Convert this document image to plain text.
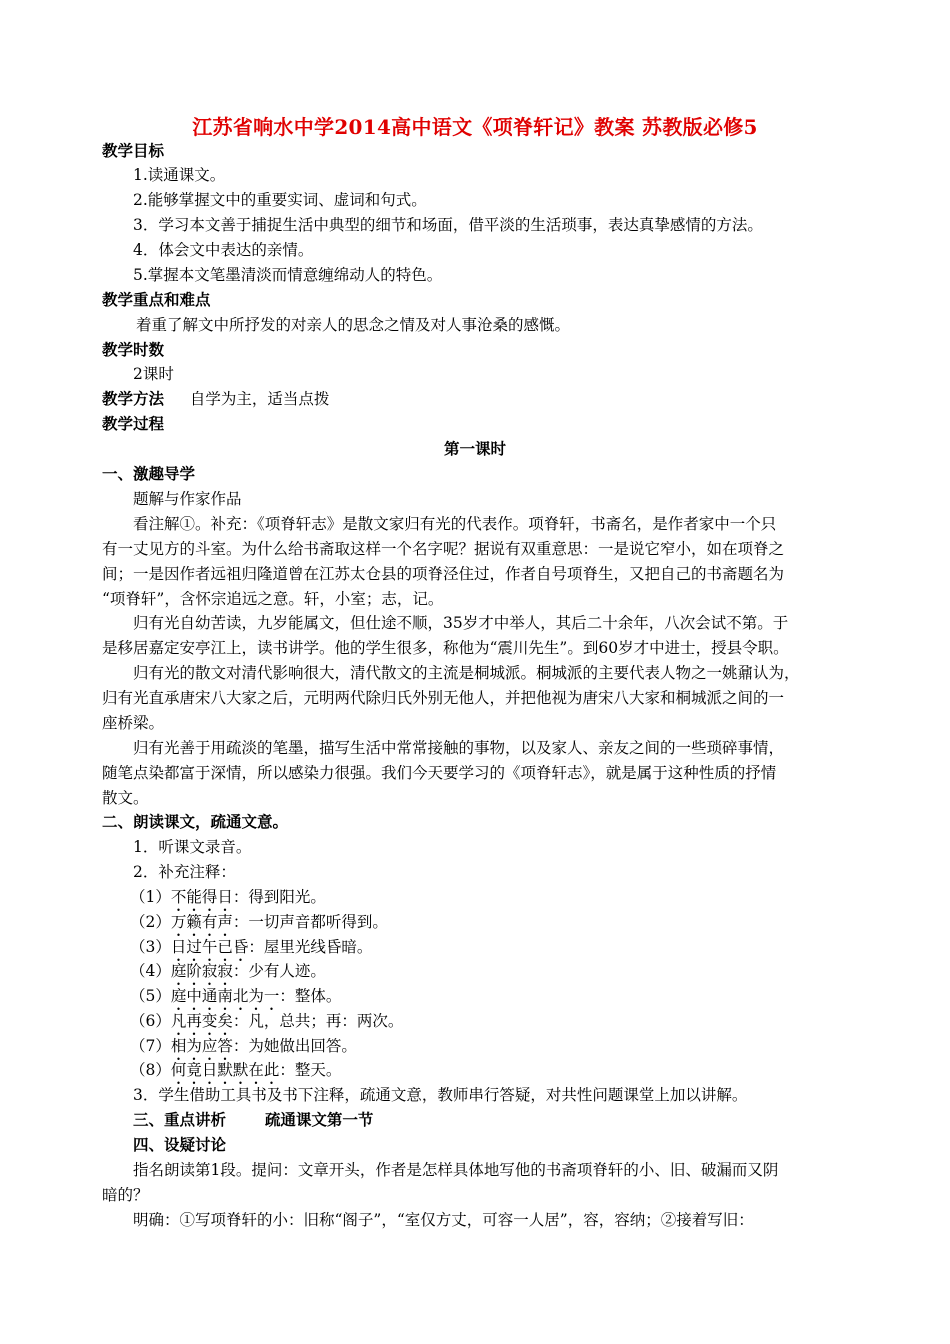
江苏省响水中学2014高中语文《项脊轩记》教案 苏教版必修5
教学目标
1.读通课文。
2.能够掌握文中的重要实词、虚词和句式。
3．学习本文善于捕捉生活中典型的细节和场面，借平淡的生活琐事，表达真挚感情的方法。
4．体会文中表达的亲情。
5.掌握本文笔墨清淡而情意缠绵动人的特色。
教学重点和难点
着重了解文中所抒发的对亲人的思念之情及对人事沧桑的感慨。
教学时数
2课时
教学方法 自学为主，适当点拨
教学过程
第一课时
一、激趣导学
题解与作家作品
看注解①。补充：《项脊轩志》是散文家归有光的代表作。项脊轩，书斋名，是作者家中一个只
有一丈见方的斗室。为什么给书斋取这样一个名字呢？据说有双重意思：一是说它窄小，如在项脊之
间；一是因作者远祖归隆道曾在江苏太仓县的项脊泾住过，作者自号项脊生，又把自己的书斋题名为
“项脊轩”，含怀宗追远之意。轩，小室；志，记。
归有光自幼苦读，九岁能属文，但仕途不顺，35岁才中举人，其后二十余年，八次会试不第。于
是移居嘉定安亭江上，读书讲学。他的学生很多，称他为“震川先生”。到60岁才中进士，授县令职。
归有光的散文对清代影响很大，清代散文的主流是桐城派。桐城派的主要代表人物之一姚鼐认为，
归有光直承唐宋八大家之后，元明两代除归氏外别无他人，并把他视为唐宋八大家和桐城派之间的一
座桥梁。
归有光善于用疏淡的笔墨，描写生活中常常接触的事物，以及家人、亲友之间的一些琐碎事情，
随笔点染都富于深情，所以感染力很强。我们今天要学习的《项脊轩志》，就是属于这种性质的抒情
散文。
二、朗读课文，疏通文意。
1．听课文录音。
2．补充注释：
（1）不能得日：得到阳光。
（2）万籁有声：一切声音都听得到。
（3）日过午已昏：屋里光线昏暗。
（4）庭阶寂寂：少有人迹。
（5）庭中通南北为一：整体。
（6）凡再变矣：凡，总共；再：两次。
（7）相为应答：为她做出回答。
（8）何竟日默默在此：整天。
3．学生借助工具书及书下注释，疏通文意，教师串行答疑，对共性问题课堂上加以讲解。
三、重点讲析	疏通课文第一节
四、设疑讨论
指名朗读第1段。提问：文章开头，作者是怎样具体地写他的书斋项脊轩的小、旧、破漏而又阴
暗的？
明确：①写项脊轩的小：旧称“阁子”，“室仅方丈，可容一人居”，容，容纳；②接着写旧：
